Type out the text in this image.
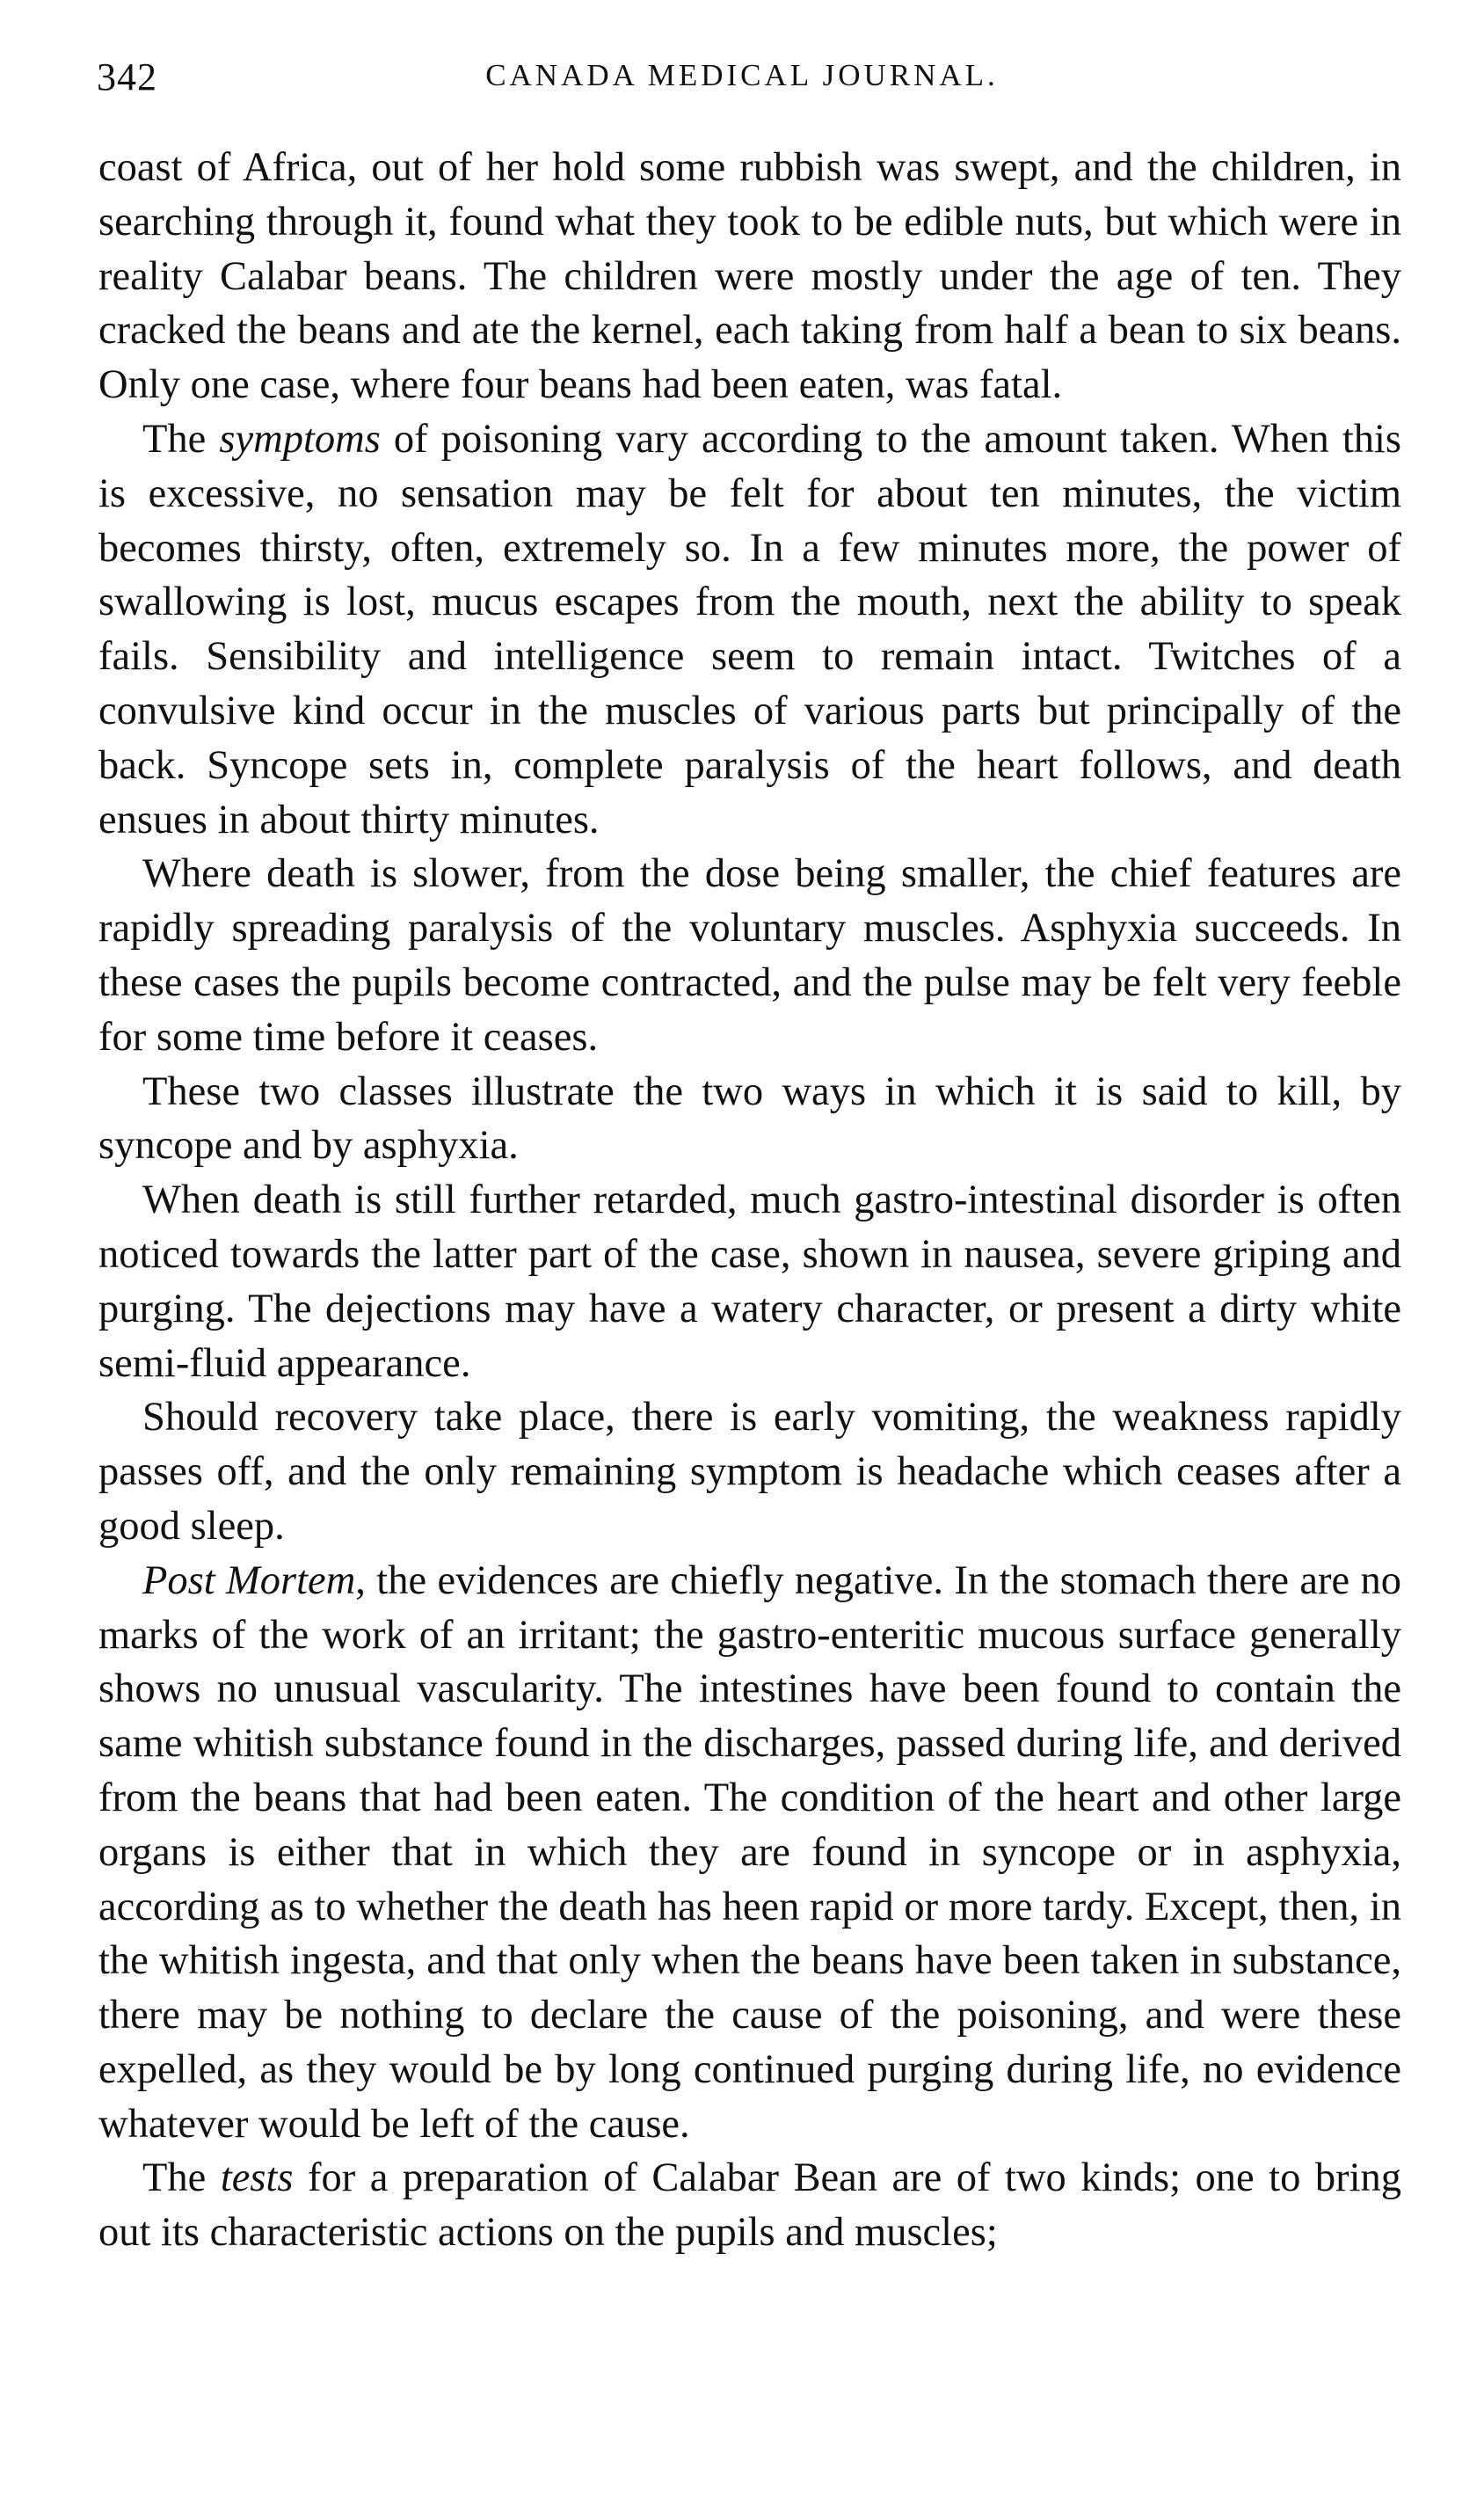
342	CANADA MEDICAL JOURNAL.

coast of Africa, out of her hold some rubbish was swept, and the children, in searching through it, found what they took to be edible nuts, but which were in reality Calabar beans. The children were mostly under the age of ten. They cracked the beans and ate the kernel, each taking from half a bean to six beans. Only one case, where four beans had been eaten, was fatal.

The symptoms of poisoning vary according to the amount taken. When this is excessive, no sensation may be felt for about ten minutes, the victim becomes thirsty, often, extremely so. In a few minutes more, the power of swallowing is lost, mucus escapes from the mouth, next the ability to speak fails. Sensibility and intelligence seem to remain intact. Twitches of a convulsive kind occur in the muscles of various parts but principally of the back. Syncope sets in, complete paralysis of the heart follows, and death ensues in about thirty minutes.

Where death is slower, from the dose being smaller, the chief features are rapidly spreading paralysis of the voluntary muscles. Asphyxia succeeds. In these cases the pupils become contracted, and the pulse may be felt very feeble for some time before it ceases.

These two classes illustrate the two ways in which it is said to kill, by syncope and by asphyxia.

When death is still further retarded, much gastro-intestinal disorder is often noticed towards the latter part of the case, shown in nausea, severe griping and purging. The dejections may have a watery character, or present a dirty white semi-fluid appearance.

Should recovery take place, there is early vomiting, the weakness rapidly passes off, and the only remaining symptom is headache which ceases after a good sleep.

Post Mortem, the evidences are chiefly negative. In the stomach there are no marks of the work of an irritant; the gastro-enteritic mucous surface generally shows no unusual vascularity. The intestines have been found to contain the same whitish substance found in the discharges, passed during life, and derived from the beans that had been eaten. The condition of the heart and other large organs is either that in which they are found in syncope or in asphyxia, according as to whether the death has heen rapid or more tardy. Except, then, in the whitish ingesta, and that only when the beans have been taken in substance, there may be nothing to declare the cause of the poisoning, and were these expelled, as they would be by long continued purging during life, no evidence whatever would be left of the cause.

The tests for a preparation of Calabar Bean are of two kinds; one to bring out its characteristic actions on the pupils and muscles;
